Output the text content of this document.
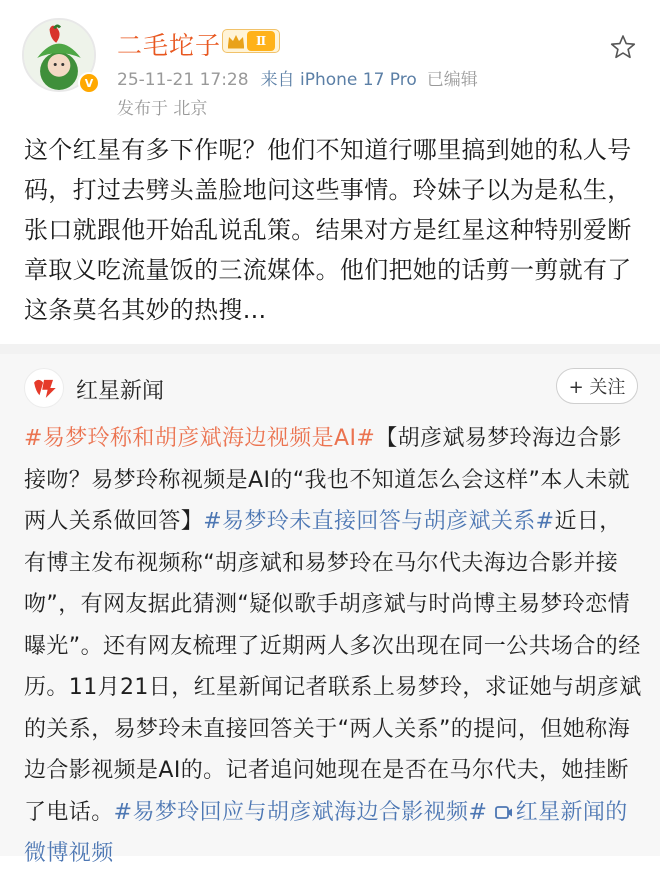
V
二毛坨子	Ⅱ
25-11-21 17:28 来自 iPhone 17 Pro 已编辑
发布于 北京
这个红星有多下作呢？他们不知道行哪里搞到她的私人号码，打过去劈头盖脸地问这些事情。玲妹子以为是私生，张口就跟他开始乱说乱策。结果对方是红星这种特别爱断章取义吃流量饭的三流媒体。他们把她的话剪一剪就有了这条莫名其妙的热搜...
红星新闻	+ 关注
#易梦玲称和胡彦斌海边视频是AI#【胡彦斌易梦玲海边合影接吻？易梦玲称视频是AI的“我也不知道怎么会这样”本人未就两人关系做回答】#易梦玲未直接回答与胡彦斌关系#近日，有博主发布视频称“胡彦斌和易梦玲在马尔代夫海边合影并接吻”，有网友据此猜测“疑似歌手胡彦斌与时尚博主易梦玲恋情曝光”。还有网友梳理了近期两人多次出现在同一公共场合的经历。11月21日，红星新闻记者联系上易梦玲，求证她与胡彦斌的关系，易梦玲未直接回答关于“两人关系”的提问，但她称海边合影视频是AI的。记者追问她现在是否在马尔代夫，她挂断了电话。#易梦玲回应与胡彦斌海边合影视频# 红星新闻的微博视频
